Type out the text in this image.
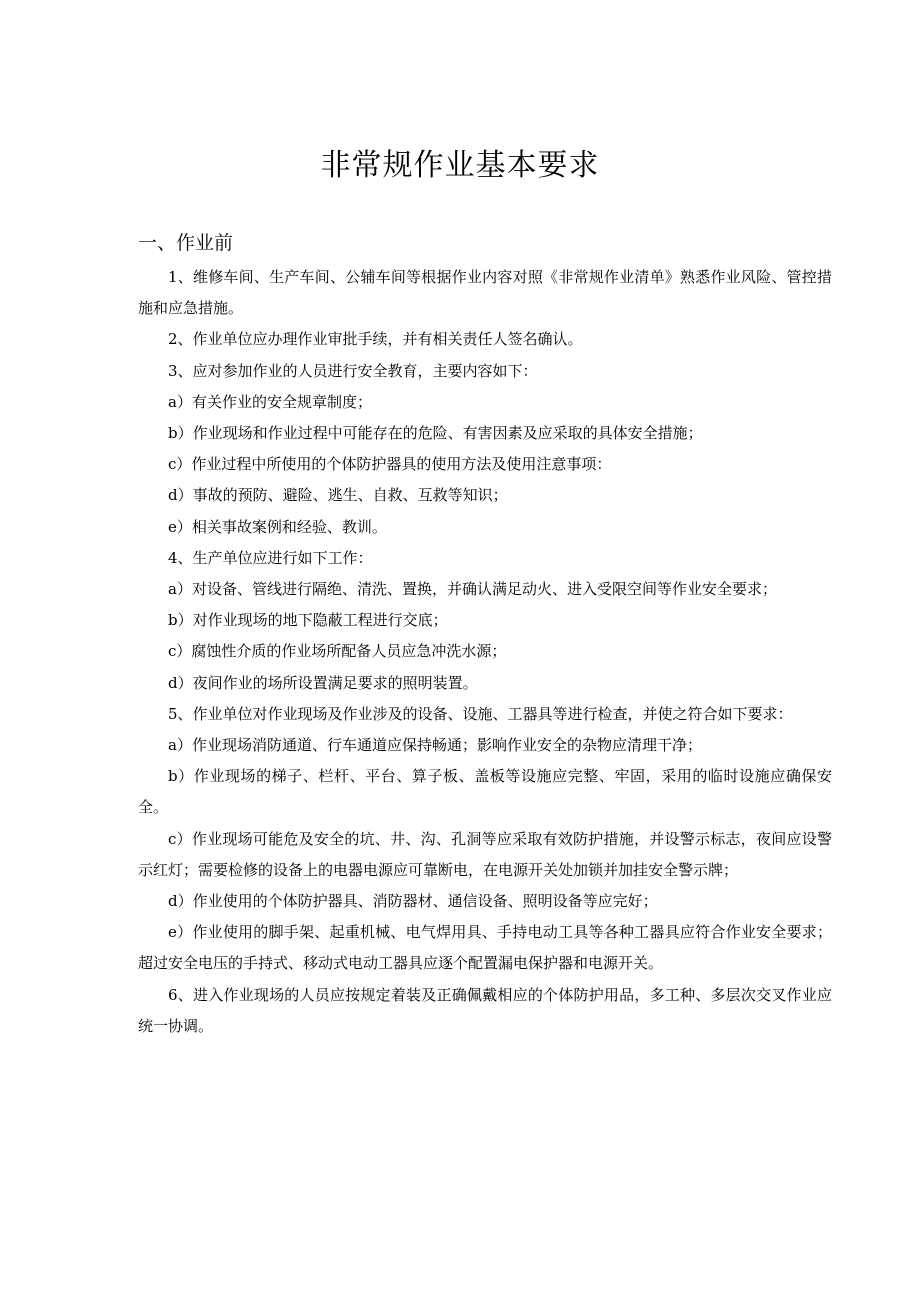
非常规作业基本要求
一、作业前

1、维修车间、生产车间、公辅车间等根据作业内容对照《非常规作业清单》熟悉作业风险、管控措施和应急措施。

2、作业单位应办理作业审批手续，并有相关责任人签名确认。

3、应对参加作业的人员进行安全教育，主要内容如下：

a）有关作业的安全规章制度；

b）作业现场和作业过程中可能存在的危险、有害因素及应采取的具体安全措施；

c）作业过程中所使用的个体防护器具的使用方法及使用注意事项：

d）事故的预防、避险、逃生、自救、互救等知识；

e）相关事故案例和经验、教训。

4、生产单位应进行如下工作：

a）对设备、管线进行隔绝、清洗、置换，并确认满足动火、进入受限空间等作业安全要求；

b）对作业现场的地下隐蔽工程进行交底；

c）腐蚀性介质的作业场所配备人员应急冲洗水源；

d）夜间作业的场所设置满足要求的照明装置。

5、作业单位对作业现场及作业涉及的设备、设施、工器具等进行检查，并使之符合如下要求：

a）作业现场消防通道、行车通道应保持畅通；影响作业安全的杂物应清理干净；

b）作业现场的梯子、栏杆、平台、算子板、盖板等设施应完整、牢固，采用的临时设施应确保安全。

c）作业现场可能危及安全的坑、井、沟、孔洞等应采取有效防护措施，并设警示标志，夜间应设警示红灯；需要检修的设备上的电器电源应可靠断电，在电源开关处加锁并加挂安全警示牌；

d）作业使用的个体防护器具、消防器材、通信设备、照明设备等应完好；

e）作业使用的脚手架、起重机械、电气焊用具、手持电动工具等各种工器具应符合作业安全要求；超过安全电压的手持式、移动式电动工器具应逐个配置漏电保护器和电源开关。

6、进入作业现场的人员应按规定着装及正确佩戴相应的个体防护用品，多工种、多层次交叉作业应统一协调。
